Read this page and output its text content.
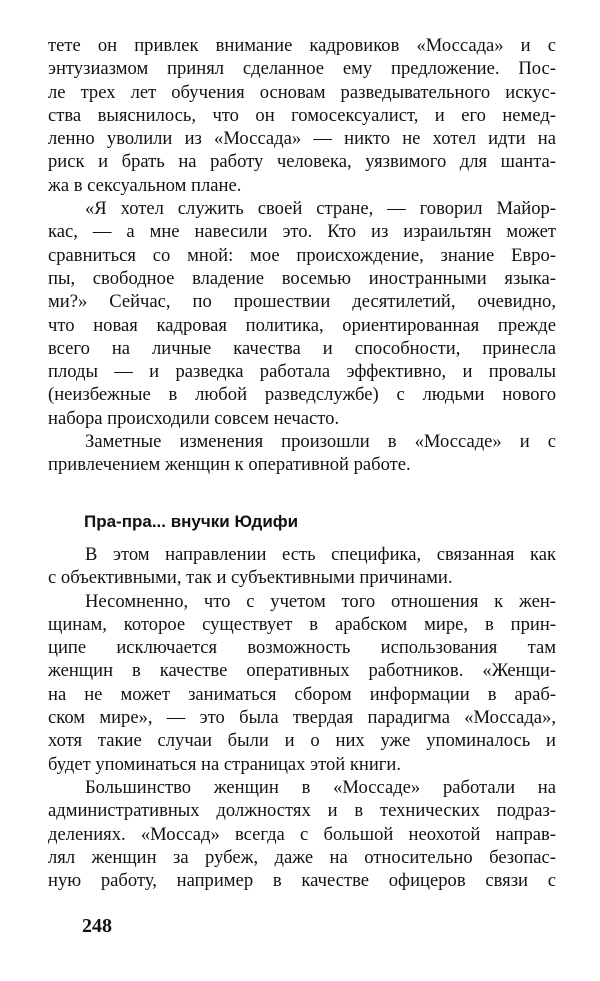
тете он привлек внимание кадровиков «Моссада» и с
энтузиазмом принял сделанное ему предложение. Пос-
ле трех лет обучения основам разведывательного искус-
ства выяснилось, что он гомосексуалист, и его немед-
ленно уволили из «Моссада» — никто не хотел идти на
риск и брать на работу человека, уязвимого для шанта-
жа в сексуальном плане.
«Я хотел служить своей стране, — говорил Майор-
кас, — а мне навесили это. Кто из израильтян может
сравниться со мной: мое происхождение, знание Евро-
пы, свободное владение восемью иностранными языка-
ми?» Сейчас, по прошествии десятилетий, очевидно,
что новая кадровая политика, ориентированная прежде
всего на личные качества и способности, принесла
плоды — и разведка работала эффективно, и провалы
(неизбежные в любой разведслужбе) с людьми нового
набора происходили совсем нечасто.
Заметные изменения произошли в «Моссаде» и с
привлечением женщин к оперативной работе.
Пра-пра... внучки Юдифи
В этом направлении есть специфика, связанная как
с объективными, так и субъективными причинами.
Несомненно, что с учетом того отношения к жен-
щинам, которое существует в арабском мире, в прин-
ципе исключается возможность использования там
женщин в качестве оперативных работников. «Женщи-
на не может заниматься сбором информации в араб-
ском мире», — это была твердая парадигма «Моссада»,
хотя такие случаи были и о них уже упоминалось и
будет упоминаться на страницах этой книги.
Большинство женщин в «Моссаде» работали на
административных должностях и в технических подраз-
делениях. «Моссад» всегда с большой неохотой направ-
лял женщин за рубеж, даже на относительно безопас-
ную работу, например в качестве офицеров связи с
248
